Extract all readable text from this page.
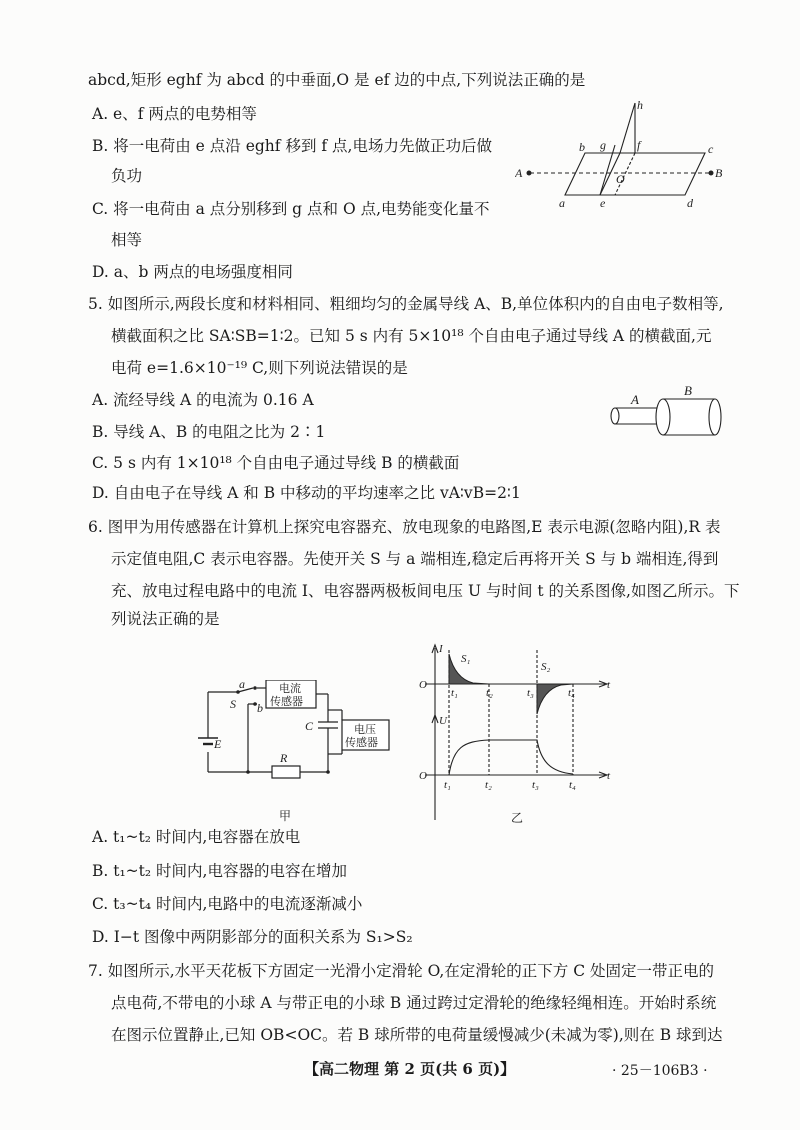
abcd,矩形 eghf 为 abcd 的中垂面,O 是 ef 边的中点,下列说法正确的是
A. e、f 两点的电势相等
B. 将一电荷由 e 点沿 eghf 移到 f 点,电场力先做正功后做
负功
C. 将一电荷由 a 点分别移到 g 点和 O 点,电势能变化量不
相等
D. a、b 两点的电场强度相同
h
b g	f	c
A	O	B
a	e	d
5. 如图所示,两段长度和材料相同、粗细均匀的金属导线 A、B,单位体积内的自由电子数相等,
横截面积之比 SA∶SB=1∶2。已知 5 s 内有 5×10¹⁸ 个自由电子通过导线 A 的横截面,元
电荷 e=1.6×10⁻¹⁹ C,则下列说法错误的是
A. 流经导线 A 的电流为 0.16 A
B. 导线 A、B 的电阻之比为 2∶1
C. 5 s 内有 1×10¹⁸ 个自由电子通过导线 B 的横截面
D. 自由电子在导线 A 和 B 中移动的平均速率之比 vA∶vB=2∶1
A
B
6. 图甲为用传感器在计算机上探究电容器充、放电现象的电路图,E 表示电源(忽略内阻),R 表
示定值电阻,C 表示电容器。先使开关 S 与 a 端相连,稳定后再将开关 S 与 b 端相连,得到
充、放电过程电路中的电流 I、电容器两极板间电压 U 与时间 t 的关系图像,如图乙所示。下
列说法正确的是
a
S b
电流
传感器
C	电压
传感器
E
R
甲
I
U
O
O
t
t
S₁
S₂
t₁	t₂	t₃	t₄
t₁	t₂	t₃	t₄
乙
A. t₁~t₂ 时间内,电容器在放电
B. t₁~t₂ 时间内,电容器的电容在增加
C. t₃~t₄ 时间内,电路中的电流逐渐减小
D. I−t 图像中两阴影部分的面积关系为 S₁>S₂
7. 如图所示,水平天花板下方固定一光滑小定滑轮 O,在定滑轮的正下方 C 处固定一带正电的
点电荷,不带电的小球 A 与带正电的小球 B 通过跨过定滑轮的绝缘轻绳相连。开始时系统
在图示位置静止,已知 OB<OC。若 B 球所带的电荷量缓慢减少(未减为零),则在 B 球到达
【高二物理 第 2 页(共 6 页)】	· 25－106B3 ·
